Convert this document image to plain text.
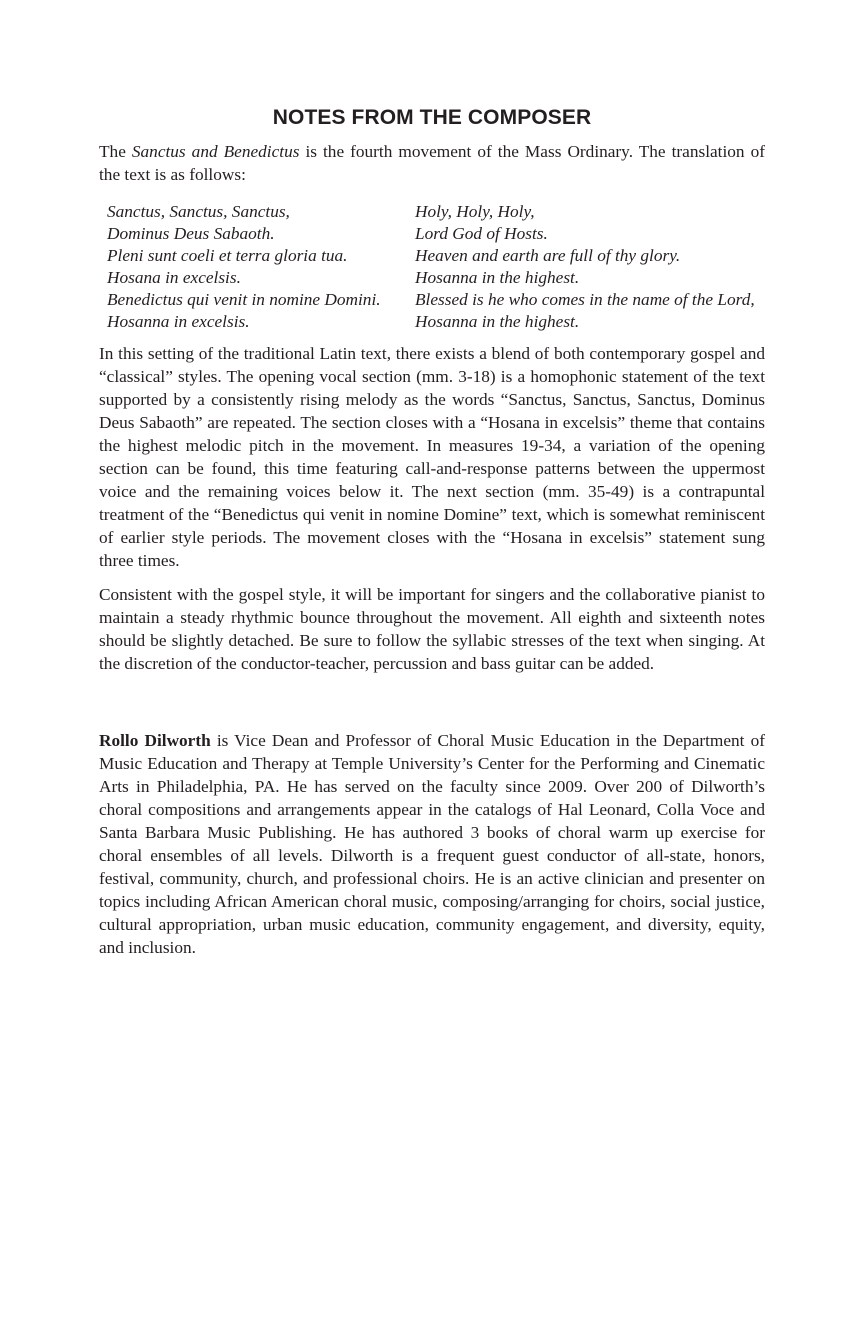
NOTES FROM THE COMPOSER

The Sanctus and Benedictus is the fourth movement of the Mass Ordinary. The translation of the text is as follows:

Sanctus, Sanctus, Sanctus,	Holy, Holy, Holy,
Dominus Deus Sabaoth.	Lord God of Hosts.
Pleni sunt coeli et terra gloria tua.	Heaven and earth are full of thy glory.
Hosana in excelsis.	Hosanna in the highest.
Benedictus qui venit in nomine Domini.	Blessed is he who comes in the name of the Lord,
Hosanna in excelsis.	Hosanna in the highest.

In this setting of the traditional Latin text, there exists a blend of both contemporary gospel and “classical” styles. The opening vocal section (mm. 3-18) is a homophonic statement of the text supported by a consistently rising melody as the words “Sanctus, Sanctus, Sanctus, Dominus Deus Sabaoth” are repeated. The section closes with a “Hosana in excelsis” theme that contains the highest melodic pitch in the movement. In measures 19-34, a variation of the opening section can be found, this time featuring call-and-response patterns between the uppermost voice and the remaining voices below it. The next section (mm. 35-49) is a contrapuntal treatment of the “Benedictus qui venit in nomine Domine” text, which is somewhat reminiscent of earlier style periods. The movement closes with the “Hosana in excelsis” statement sung three times.

Consistent with the gospel style, it will be important for singers and the collaborative pianist to maintain a steady rhythmic bounce throughout the movement. All eighth and sixteenth notes should be slightly detached. Be sure to follow the syllabic stresses of the text when singing. At the discretion of the conductor-teacher, percussion and bass guitar can be added.

Rollo Dilworth is Vice Dean and Professor of Choral Music Education in the Department of Music Education and Therapy at Temple University’s Center for the Performing and Cinematic Arts in Philadelphia, PA. He has served on the faculty since 2009. Over 200 of Dilworth’s choral compositions and arrangements appear in the catalogs of Hal Leonard, Colla Voce and Santa Barbara Music Publishing. He has authored 3 books of choral warm up exercise for choral ensembles of all levels. Dilworth is a frequent guest conductor of all-state, honors, festival, community, church, and professional choirs. He is an active clinician and presenter on topics including African American choral music, composing/arranging for choirs, social justice, cultural appropriation, urban music education, community engagement, and diversity, equity, and inclusion.
